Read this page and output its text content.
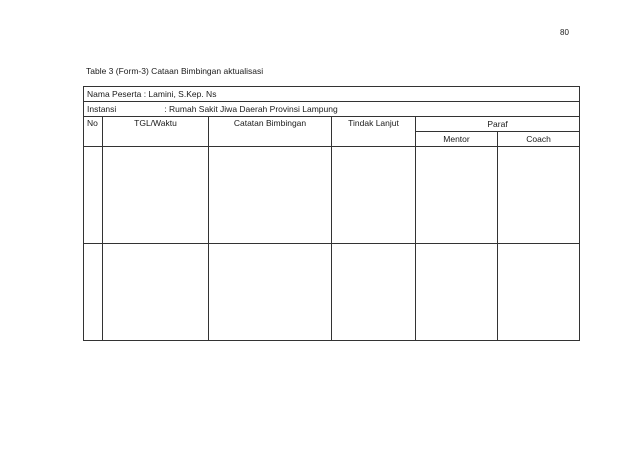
80
Table 3 (Form-3) Cataan Bimbingan aktualisasi
Nama Peserta : Lamini, S.Kep. Ns					
Instansi : Rumah Sakit Jiwa Daerah Provinsi Lampung					
No	TGL/Waktu	Catatan Bimbingan	Tindak Lanjut	Paraf	
				Mentor	Coach
